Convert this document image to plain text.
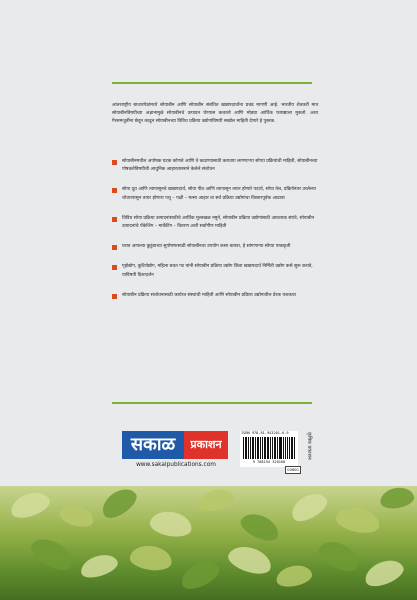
आंतरराष्ट्रीय बाजारपेठांमध्ये सोयाबीन आणि सोयाबीन संबंधित खाद्यपदार्थांना प्रचंड मागणी आहे. भारतीय शेतकरी मात्र सोयाबीनविषयीच्या अज्ञानामुळे सोयाबीनचे उत्पादन घेण्यास कचरतो आणि मोठ्या आर्थिक फायद्याला मुकतो. अशा गैरसमजुतींना छेदून काढून सोयाबीनच्या विविध प्रक्रिया उद्योगांविषयी सखोल माहिती देणारे हे पुस्तक.

सोयाबीनमधील अपोषक घटक कोणते आणि ते काढण्यासाठी करावया लागणाऱ्या सोप्या प्रक्रियांची माहिती, सोयाबीनच्या पोषकतेविषयीची आधुनिक आहारशास्त्राने केलेले संशोधन
सोया दूध आणि त्यापासूनचे खाद्यपदार्थ, सोया पीठ आणि त्यापासून तयार होणारे पदार्थ, सोया तेल, प्रक्रियेनंतर उरलेल्या चोथ्यापासून तयार होणारा पशू – पक्षी – मत्स्य आहार वा सर्व प्रक्रिया उद्योगांचा विस्तारपूर्वक आढावा
विविध सोया प्रक्रिया उत्पादनांसाठीचे आर्थिक मुल्तखळ नमुने, सोयाबीन प्रक्रिया उद्योगांसाठी आवश्यक संयंत्रे, सोयाबीन उत्पादनांचे पॅकेजिंग – मार्केटिंग – वितरण अशी सर्वांगीण माहिती
घरात आपल्या कुटुंबाच्या सुपोषणासाठी सोयाबीनचा उपयोग कसा करावा, हे सांगणाऱ्या सोप्या पाककृती
गृहोद्योग, कुटिरोद्योग, महिला बचत गट यांनी सोयाबीन प्रक्रिया उद्योग किंवा खाद्यपदार्थ निर्मिती उद्योग कसे सुरू करावे, याविषयी दिशादर्शन
सोयाबीन प्रक्रिया संशोधनासाठी कार्यरत संस्थांची माहिती आणि सोयाबीन प्रक्रिया उद्योगातील प्रेरक यशकथा
सकाळ	प्रकाशन
www.sakalpublications.com
ISBN 978-81-943201-6-9
9 788194 320160
00600
कृषिक प्रकाशन
